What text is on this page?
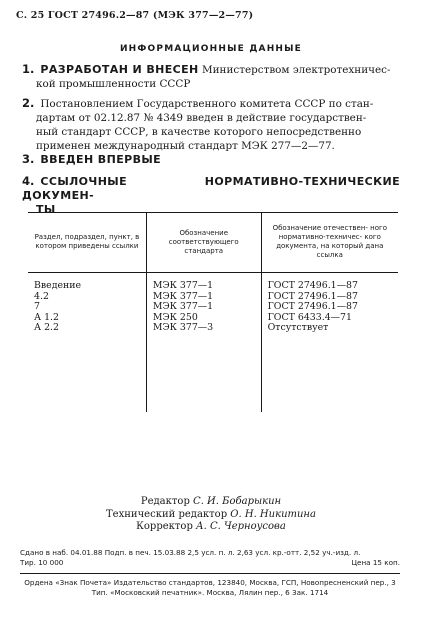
С. 25 ГОСТ 27496.2—87 (МЭК 377—2—77)
ИНФОРМАЦИОННЫЕ ДАННЫЕ
1. РАЗРАБОТАН И ВНЕСЕН Министерством электротехничес-
кой промышленности СССР
2. Постановлением Государственного комитета СССР по стан-
дартам от 02.12.87 № 4349 введен в действие государствен-
ный стандарт СССР, в качестве которого непосредственно
применен международный стандарт МЭК 277—2—77.
3. ВВЕДЕН ВПЕРВЫЕ
4. ССЫЛОЧНЫЕ НОРМАТИВНО-ТЕХНИЧЕСКИЕ ДОКУМЕН-
ТЫ
Раздел, подраздел, пункт, в котором приведены ссылки	Обозначение соответствующего стандарта	Обозначение отечествен- ного нормативно-техничес- кого документа, на который дана ссылка
Введение	МЭК 377—1	ГОСТ 27496.1—87
4.2	МЭК 377—1	ГОСТ 27496.1—87
7	МЭК 377—1	ГОСТ 27496.1—87
А 1.2	МЭК 250	ГОСТ 6433.4—71
А 2.2	МЭК 377—3	Отсутствует
Редактор С. И. Бобарыкин
Технический редактор О. Н. Никитина
Корректор А. С. Черноусова
Сдано в наб. 04.01.88 Подп. в печ. 15.03.88 2,5 усл. п. л. 2,63 усл. кр.-отт. 2,52 уч.-изд. л.
Тир. 10 000	Цена 15 коп.
Ордена «Знак Почета» Издательство стандартов, 123840, Москва, ГСП, Новопресненский пер., 3
Тип. «Московский печатник». Москва, Лялин пер., 6 Зак. 1714
